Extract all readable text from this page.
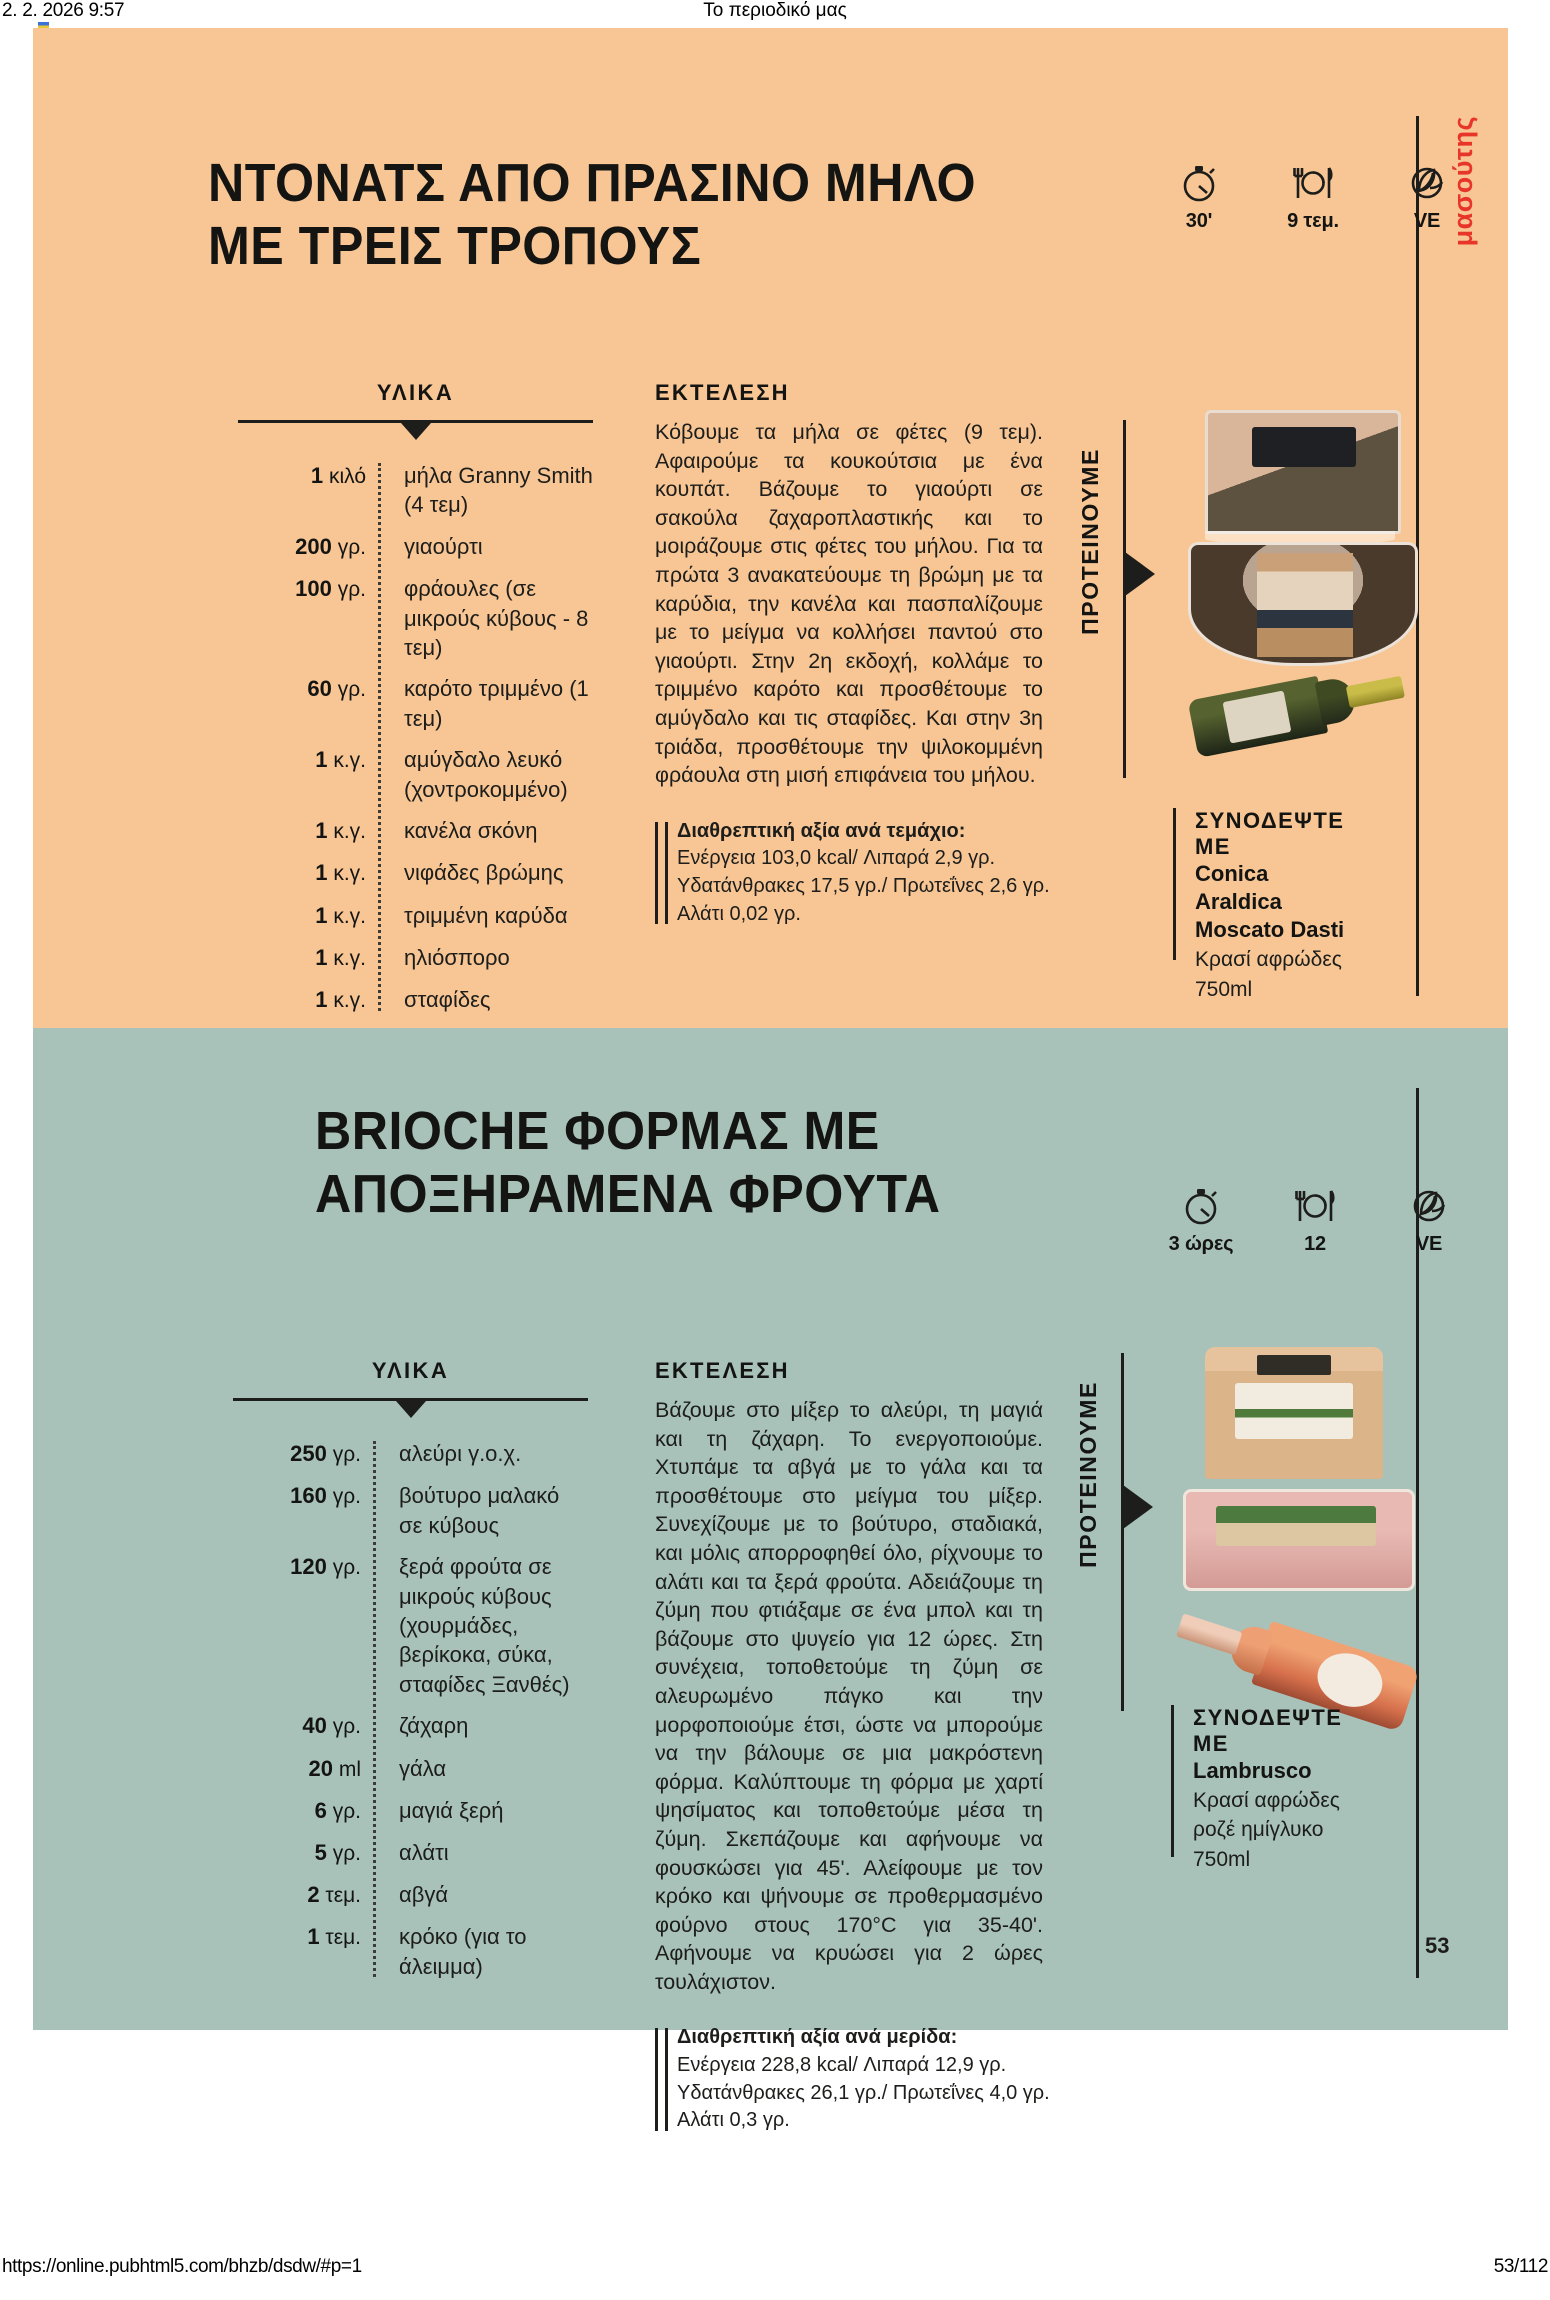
2. 2. 2026 9:57	Το περιοδικό μας
μασούτης
ΝΤΟΝΑΤΣ ΑΠΟ ΠΡΑΣΙΝΟ ΜΗΛΟ ΜΕ ΤΡΕΙΣ ΤΡΟΠΟΥΣ	30'	9 τεμ.	VE
ΥΛΙΚΑ
1 κιλό	μήλα Granny Smith (4 τεμ)
200 γρ.	γιαούρτι
100 γρ.	φράουλες (σε μικρούς κύβους - 8 τεμ)
60 γρ.	καρότο τριμμένο (1 τεμ)
1 κ.γ.	αμύγδαλο λευκό (χοντροκομμένο)
1 κ.γ.	κανέλα σκόνη
1 κ.γ.	νιφάδες βρώμης
1 κ.γ.	τριμμένη καρύδα
1 κ.γ.	ηλιόσπορο
1 κ.γ.	σταφίδες
ΕΚΤΕΛΕΣΗ
Κόβουμε τα μήλα σε φέτες (9 τεμ). Αφαιρούμε τα κουκούτσια με ένα κουπάτ. Βάζουμε το γιαούρτι σε σακούλα ζαχαροπλαστικής και το μοιράζουμε στις φέτες του μήλου. Για τα πρώτα 3 ανακατεύουμε τη βρώμη με τα καρύδια, την κανέλα και πασπαλίζουμε με το μείγμα να κολλήσει παντού στο γιαούρτι. Στην 2η εκδοχή, κολλάμε το τριμμένο καρότο και προσθέτουμε το αμύγδαλο και τις σταφίδες. Και στην 3η τριάδα, προσθέτουμε την ψιλοκομμένη φράουλα στη μισή επιφάνεια του μήλου.
Διαθρεπτική αξία ανά τεμάχιο:
Ενέργεια 103,0 kcal/ Λιπαρά 2,9 γρ.
Υδατάνθρακες 17,5 γρ./ Πρωτεΐνες 2,6 γρ.
Αλάτι 0,02 γρ.
ΠΡΟΤΕΙΝΟΥΜΕ
ΣΥΝΟΔΕΨΤΕ ΜΕ
Conica Araldica Moscato Dasti
Κρασί αφρώδες
750ml
BRIOCHE ΦΟΡΜΑΣ ΜΕ ΑΠΟΞΗΡΑΜΕΝΑ ΦΡΟΥΤΑ
3 ώρες	12	VE
ΥΛΙΚΑ
250 γρ.	αλεύρι γ.ο.χ.
160 γρ.	βούτυρο μαλακό σε κύβους
120 γρ.	ξερά φρούτα σε μικρούς κύβους (χουρμάδες, βερίκοκα, σύκα, σταφίδες Ξανθές)
40 γρ.	ζάχαρη
20 ml	γάλα
6 γρ.	μαγιά ξερή
5 γρ.	αλάτι
2 τεμ.	αβγά
1 τεμ.	κρόκο (για το άλειμμα)
ΕΚΤΕΛΕΣΗ
Βάζουμε στο μίξερ το αλεύρι, τη μαγιά και τη ζάχαρη. Το ενεργοποιούμε. Χτυπάμε τα αβγά με το γάλα και τα προσθέτουμε στο μείγμα του μίξερ. Συνεχίζουμε με το βούτυρο, σταδιακά, και μόλις απορροφηθεί όλο, ρίχνουμε το αλάτι και τα ξερά φρούτα. Αδειάζουμε τη ζύμη που φτιάξαμε σε ένα μπολ και τη βάζουμε στο ψυγείο για 12 ώρες. Στη συνέχεια, τοποθετούμε τη ζύμη σε αλευρωμένο πάγκο και την μορφοποιούμε έτσι, ώστε να μπορούμε να την βάλουμε σε μια μακρόστενη φόρμα. Καλύπτουμε τη φόρμα με χαρτί ψησίματος και τοποθετούμε μέσα τη ζύμη. Σκεπάζουμε και αφήνουμε να φουσκώσει για 45'. Αλείφουμε με τον κρόκο και ψήνουμε σε προθερμασμένο φούρνο στους 170°C για 35-40'. Αφήνουμε να κρυώσει για 2 ώρες τουλάχιστον.
Διαθρεπτική αξία ανά μερίδα:
Ενέργεια 228,8 kcal/ Λιπαρά 12,9 γρ.
Υδατάνθρακες 26,1 γρ./ Πρωτεΐνες 4,0 γρ.
Αλάτι 0,3 γρ.
ΠΡΟΤΕΙΝΟΥΜΕ
ΣΥΝΟΔΕΨΤΕ ΜΕ
Lambrusco
Κρασί αφρώδες
ροζέ ημίγλυκο
750ml
53
https://online.pubhtml5.com/bhzb/dsdw/#p=1	53/112
